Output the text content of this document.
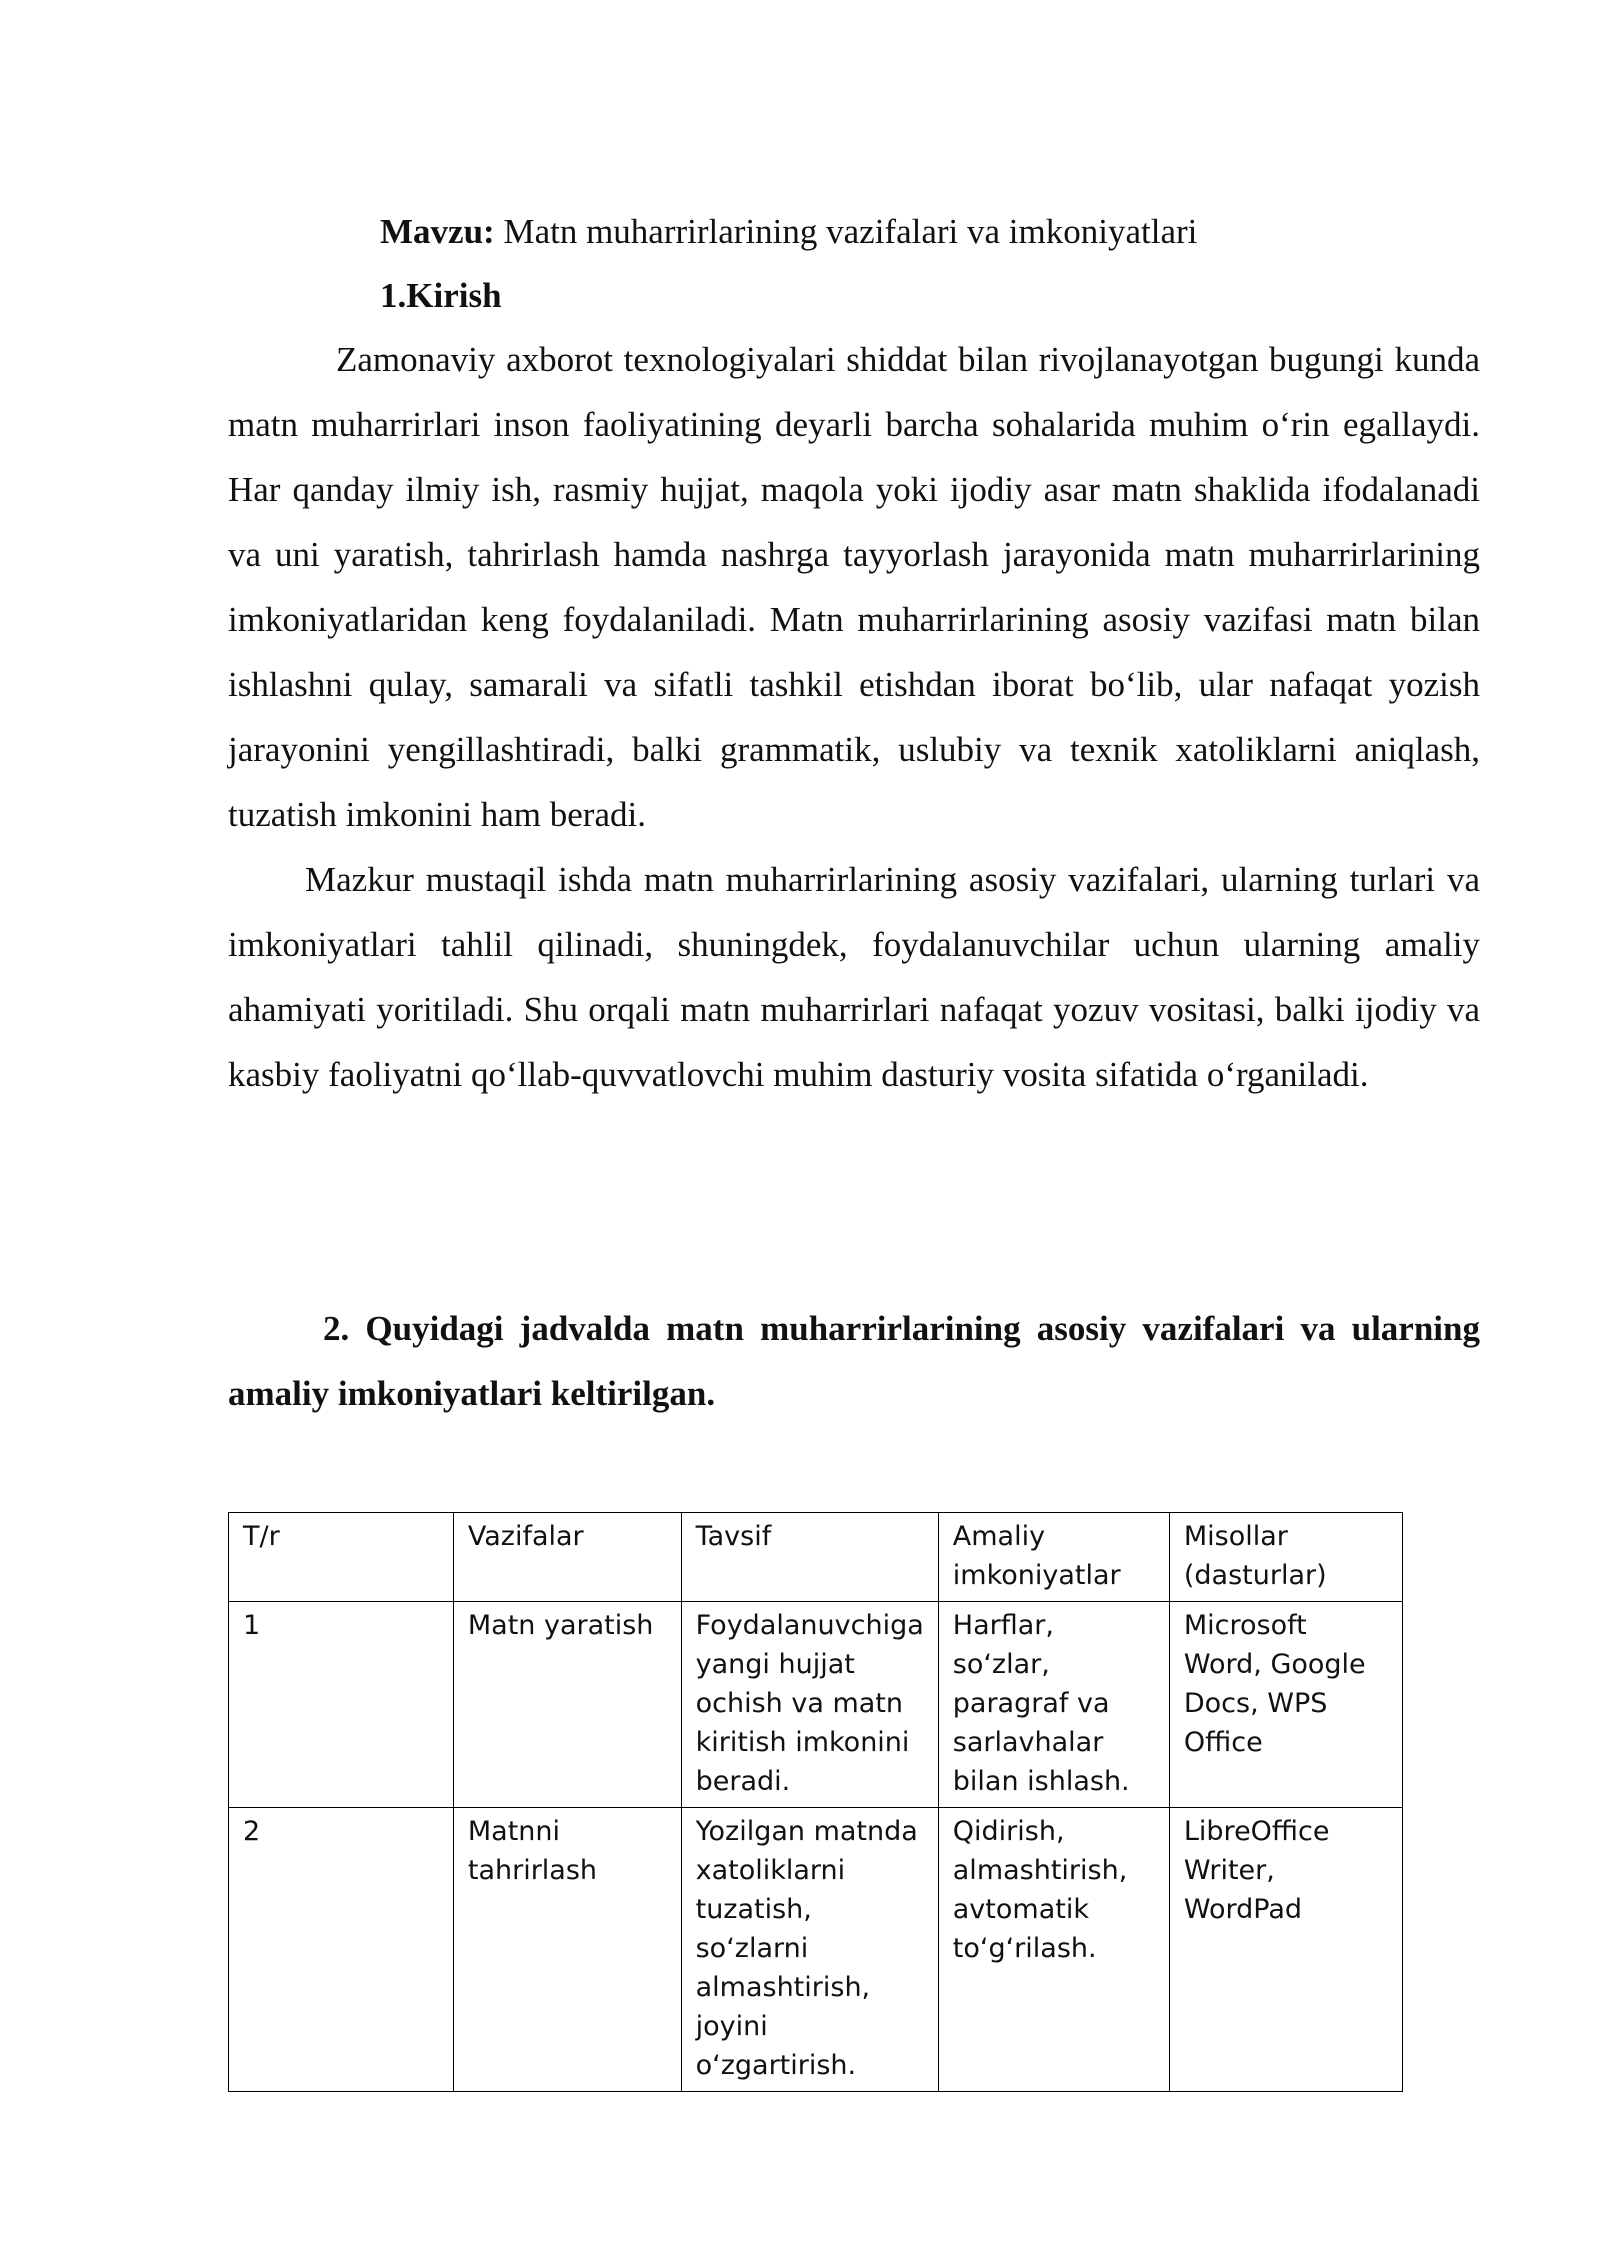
Mavzu: Matn muharrirlarining vazifalari va imkoniyatlari
1.Kirish

Zamonaviy axborot texnologiyalari shiddat bilan rivojlanayotgan bugungi kunda matn muharrirlari inson faoliyatining deyarli barcha sohalarida muhim o‘rin egallaydi. Har qanday ilmiy ish, rasmiy hujjat, maqola yoki ijodiy asar matn shaklida ifodalanadi va uni yaratish, tahrirlash hamda nashrga tayyorlash jarayonida matn muharrirlarining imkoniyatlaridan keng foydalaniladi. Matn muharrirlarining asosiy vazifasi matn bilan ishlashni qulay, samarali va sifatli tashkil etishdan iborat bo‘lib, ular nafaqat yozish jarayonini yengillashtiradi, balki grammatik, uslubiy va texnik xatoliklarni aniqlash, tuzatish imkonini ham beradi.

Mazkur mustaqil ishda matn muharrirlarining asosiy vazifalari, ularning turlari va imkoniyatlari tahlil qilinadi, shuningdek, foydalanuvchilar uchun ularning amaliy ahamiyati yoritiladi. Shu orqali matn muharrirlari nafaqat yozuv vositasi, balki ijodiy va kasbiy faoliyatni qo‘llab-quvvatlovchi muhim dasturiy vosita sifatida o‘rganiladi.

2. Quyidagi jadvalda matn muharrirlarining asosiy vazifalari va ularning amaliy imkoniyatlari keltirilgan.

T/r	Vazifalar	Tavsif	Amaliy imkoniyatlar	Misollar (dasturlar)
1	Matn yaratish	Foydalanuvchiga yangi hujjat ochish va matn kiritish imkonini beradi.	Harflar, so‘zlar, paragraf va sarlavhalar bilan ishlash.	Microsoft Word, Google Docs, WPS Office
2	Matnni tahrirlash	Yozilgan matnda xatoliklarni tuzatish, so‘zlarni almashtirish, joyini o‘zgartirish.	Qidirish, almashtirish, avtomatik to‘g‘rilash.	LibreOffice Writer, WordPad
